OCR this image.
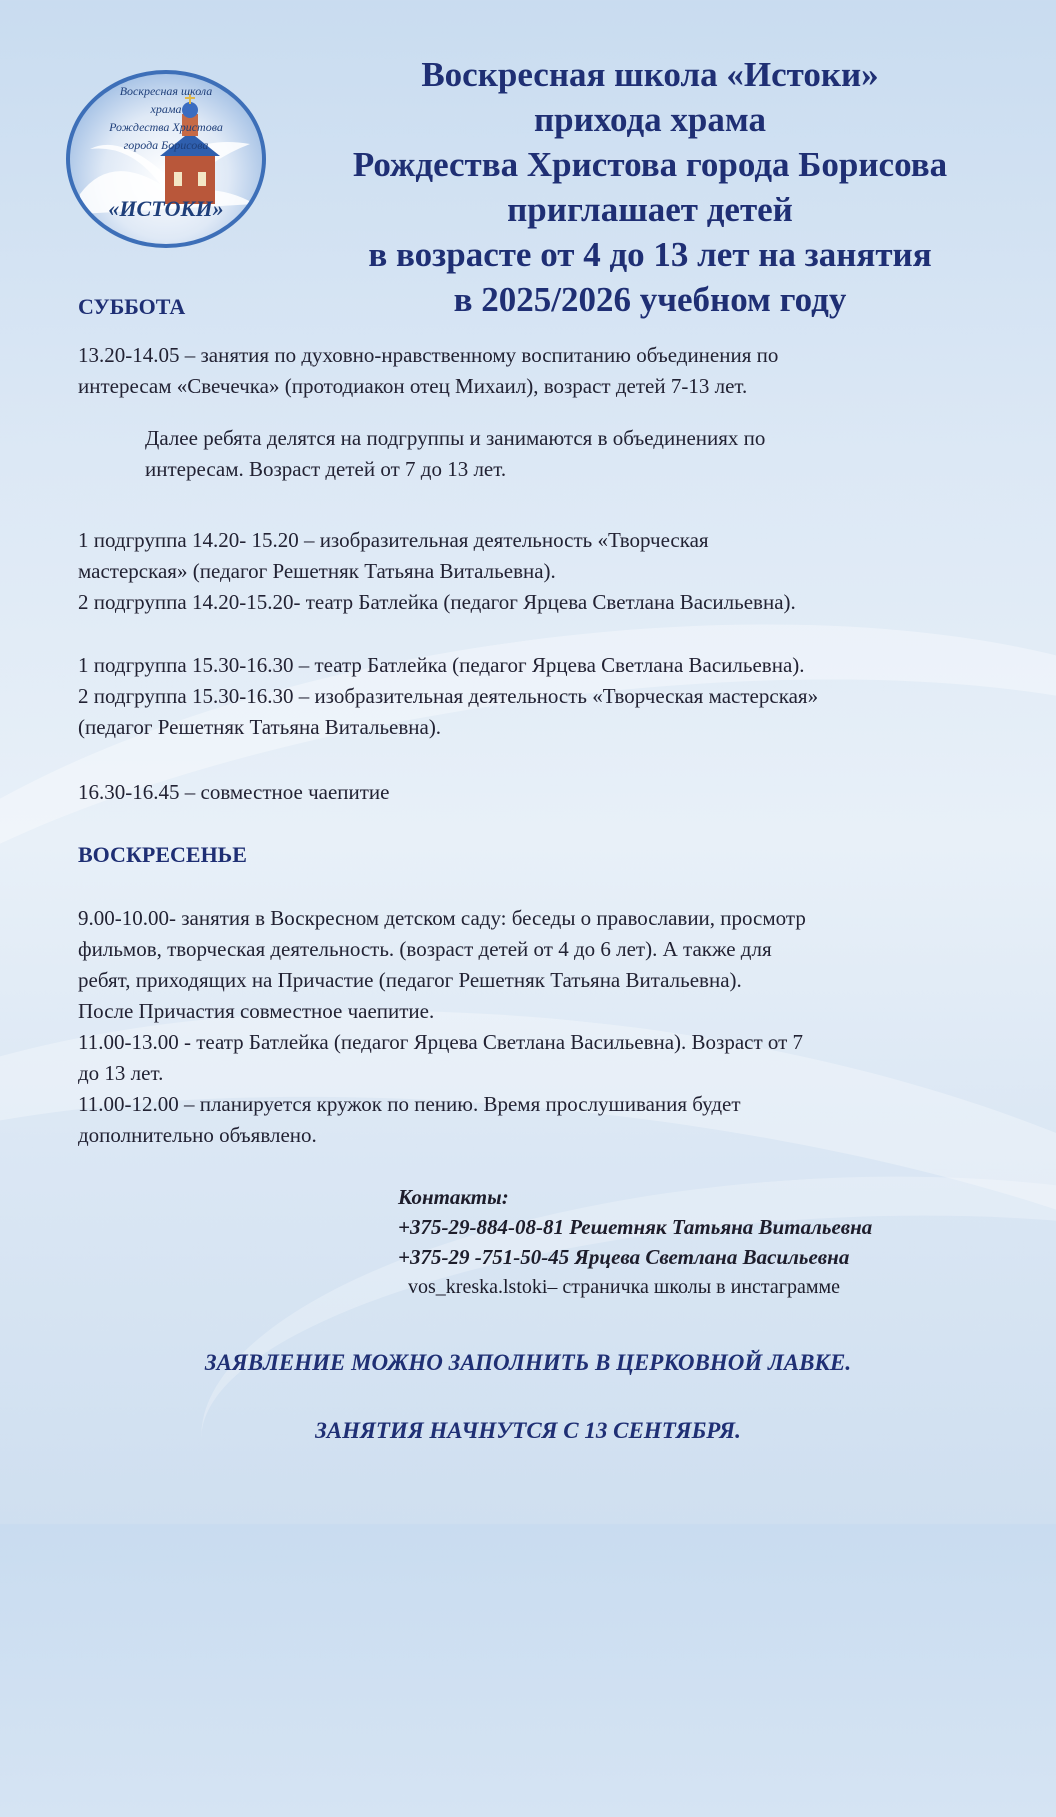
Воскресная школа
храма
Рождества Христова
города Борисова
«ИСТОКИ»
Воскресная школа «Истоки»
прихода храма
Рождества Христова города Борисова
приглашает детей
в возрасте от 4 до 13 лет на занятия
в 2025/2026 учебном году
СУББОТА
13.20-14.05 – занятия по духовно-нравственному воспитанию объединения по
интересам «Свечечка» (протодиакон отец Михаил), возраст детей 7-13 лет.
Далее ребята делятся на подгруппы и занимаются в объединениях по
интересам. Возраст детей от 7 до 13 лет.
1 подгруппа 14.20- 15.20 – изобразительная деятельность «Творческая
мастерская» (педагог Решетняк Татьяна Витальевна).
2 подгруппа 14.20-15.20- театр Батлейка (педагог Ярцева Светлана Васильевна).
1 подгруппа 15.30-16.30 – театр Батлейка (педагог Ярцева Светлана Васильевна).
2 подгруппа 15.30-16.30 – изобразительная деятельность «Творческая мастерская»
(педагог Решетняк Татьяна Витальевна).
16.30-16.45 – совместное чаепитие
ВОСКРЕСЕНЬЕ
9.00-10.00- занятия в Воскресном детском саду: беседы о православии, просмотр
фильмов, творческая деятельность. (возраст детей от 4 до 6 лет). А также для
ребят, приходящих на Причастие (педагог Решетняк Татьяна Витальевна).
После Причастия совместное чаепитие.
11.00-13.00 - театр Батлейка (педагог Ярцева Светлана Васильевна). Возраст от 7
до 13 лет.
11.00-12.00 – планируется кружок по пению. Время прослушивания будет
дополнительно объявлено.
Контакты:
+375-29-884-08-81 Решетняк Татьяна Витальевна
+375-29 -751-50-45 Ярцева Светлана Васильевна
vos_kreska.lstoki– страничка школы в инстаграмме
ЗАЯВЛЕНИЕ МОЖНО ЗАПОЛНИТЬ В ЦЕРКОВНОЙ ЛАВКЕ.
ЗАНЯТИЯ НАЧНУТСЯ С 13 СЕНТЯБРЯ.
